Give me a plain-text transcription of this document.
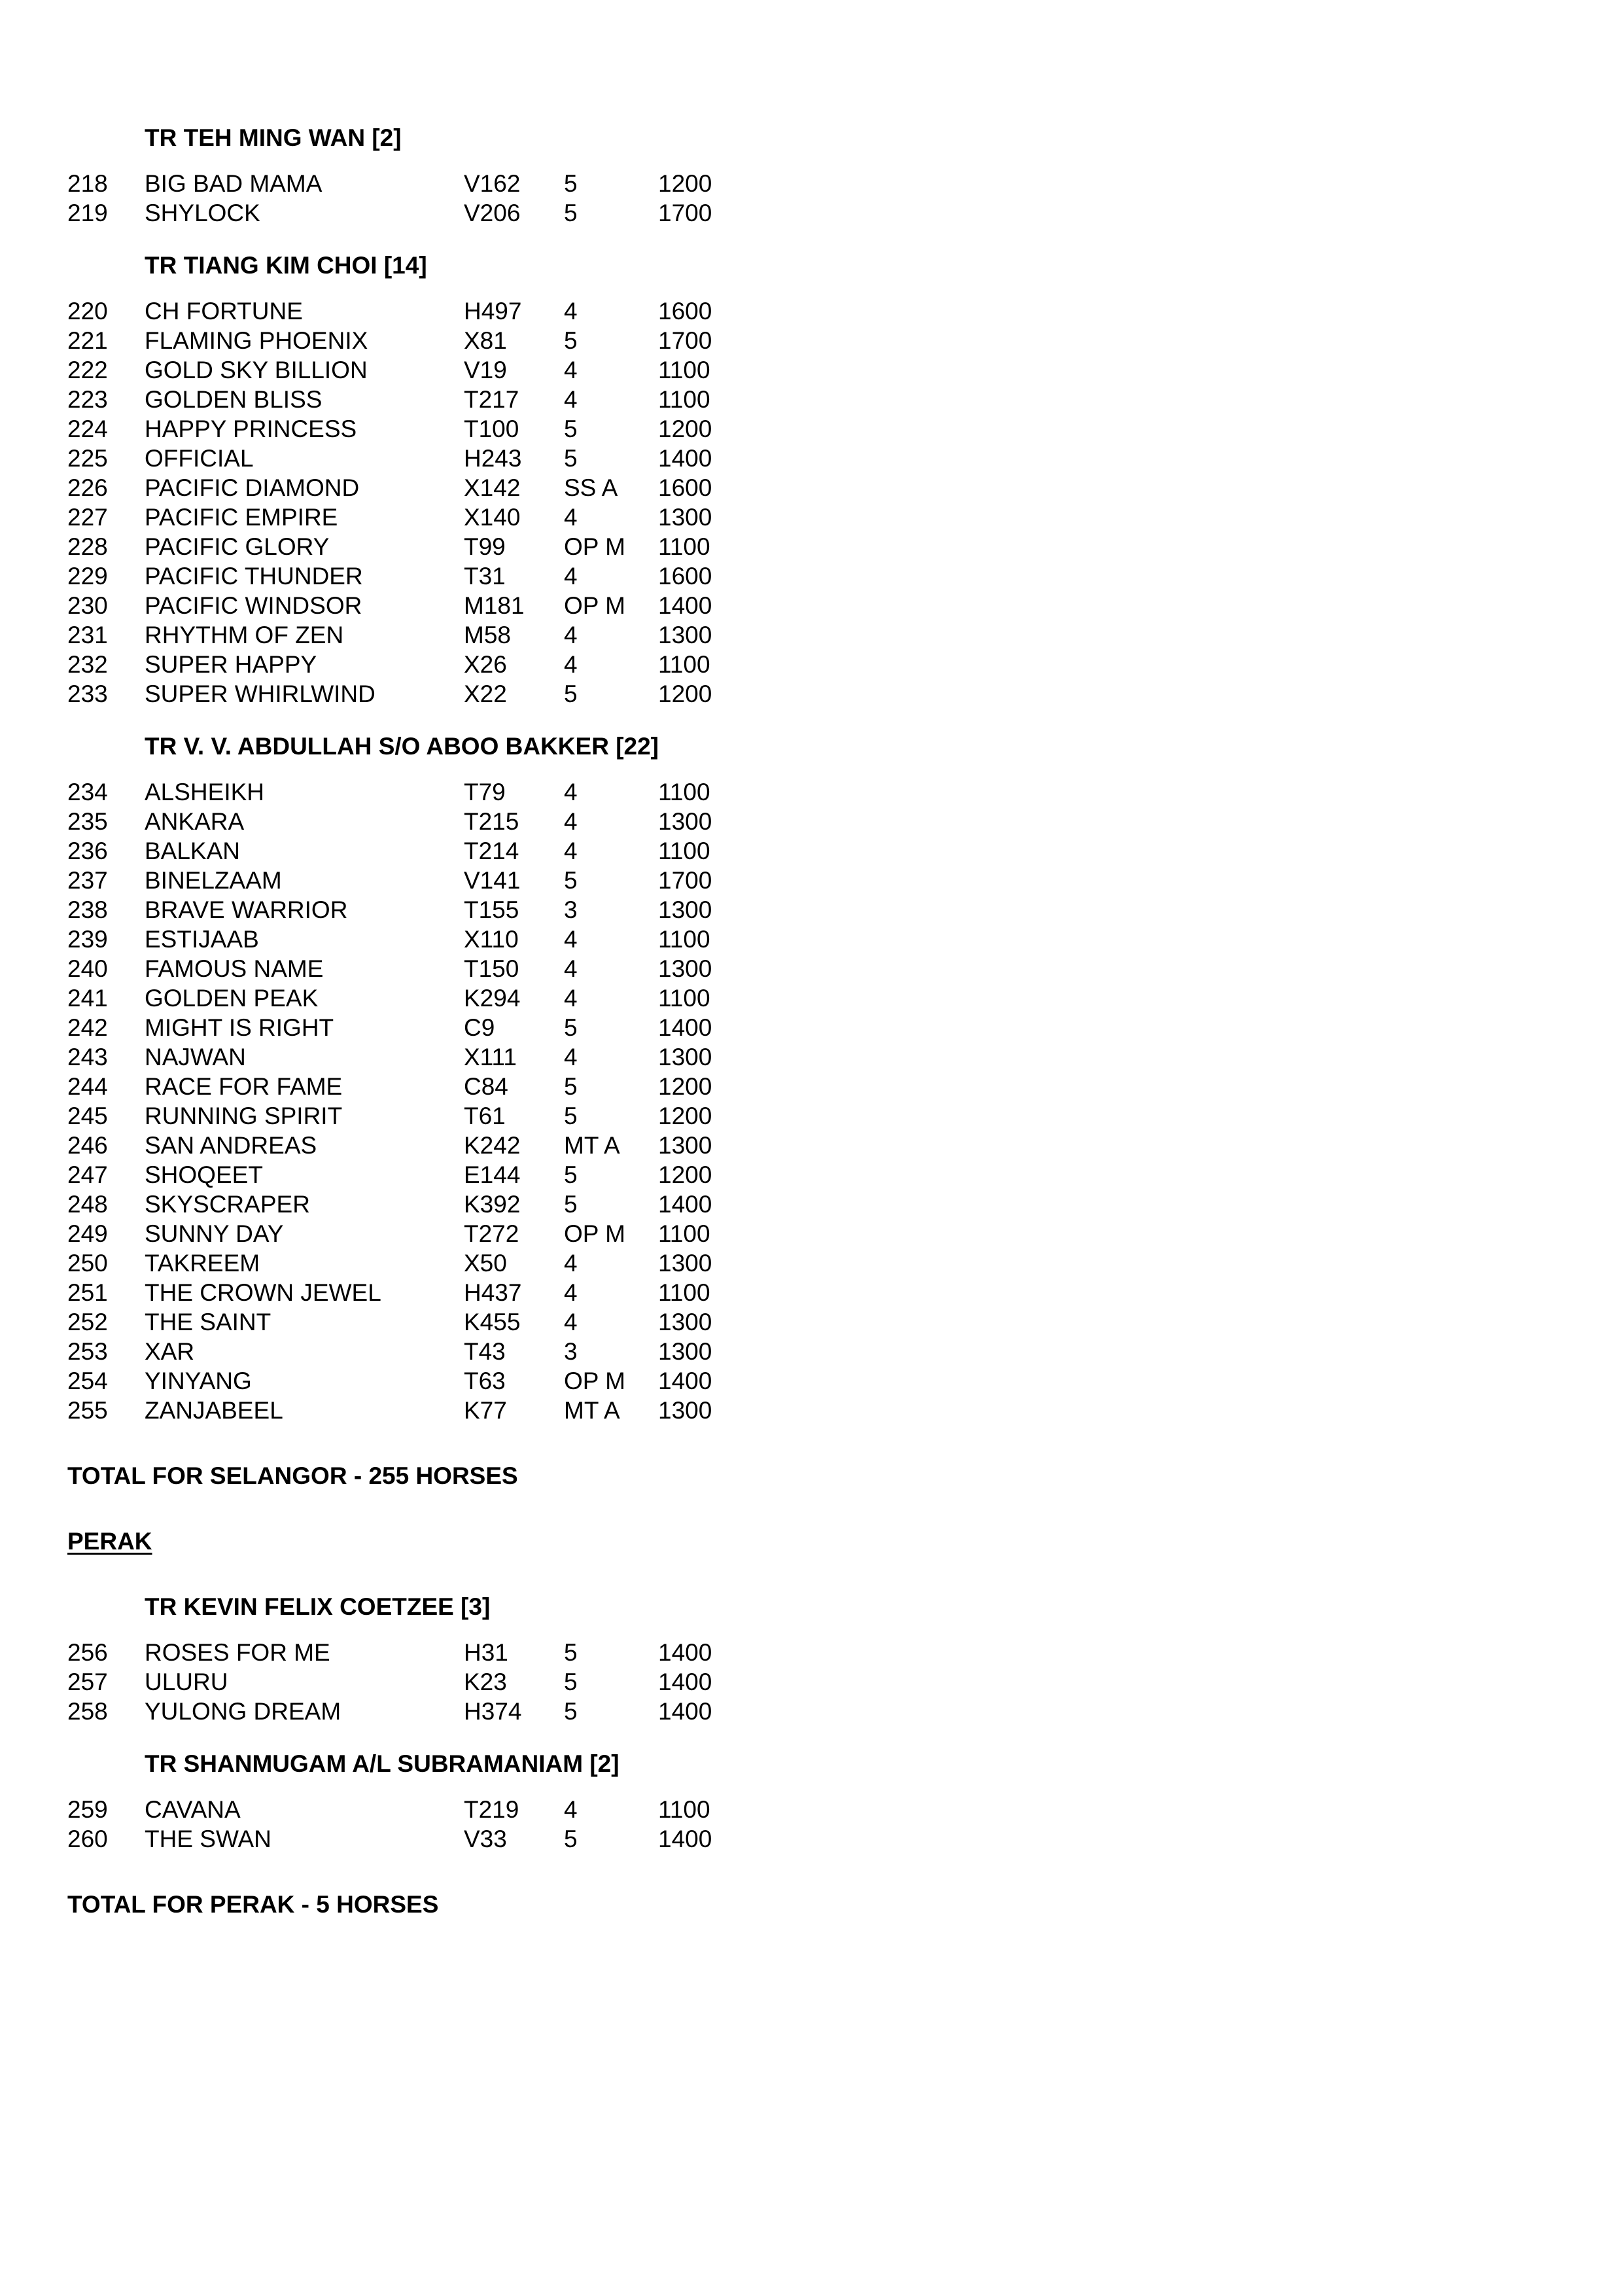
TR TEH MING WAN [2]
218 BIG BAD MAMA	V162 5	1200
219 SHYLOCK	V206 5	1700
TR TIANG KIM CHOI [14]
220 CH FORTUNE	H497 4	1600
221 FLAMING PHOENIX	X81 5	1700
222 GOLD SKY BILLION	V19 4	1100
223 GOLDEN BLISS	T217 4	1100
224 HAPPY PRINCESS	T100 5	1200
225 OFFICIAL	H243 5	1400
226 PACIFIC DIAMOND	X142 SS A 1600
227 PACIFIC EMPIRE	X140 4	1300
228 PACIFIC GLORY	T99 OP M 1100
229 PACIFIC THUNDER	T31 4	1600
230 PACIFIC WINDSOR	M181 OP M 1400
231 RHYTHM OF ZEN	M58 4	1300
232 SUPER HAPPY	X26 4	1100
233 SUPER WHIRLWIND	X22 5	1200
TR V. V. ABDULLAH S/O ABOO BAKKER [22]
234 ALSHEIKH	T79 4	1100
235 ANKARA	T215 4	1300
236 BALKAN	T214 4	1100
237 BINELZAAM	V141 5	1700
238 BRAVE WARRIOR	T155 3	1300
239 ESTIJAAB	X110 4	1100
240 FAMOUS NAME	T150 4	1300
241 GOLDEN PEAK	K294 4	1100
242 MIGHT IS RIGHT	C9	5	1400
243 NAJWAN	X111 4	1300
244 RACE FOR FAME	C84 5	1200
245 RUNNING SPIRIT	T61 5	1200
246 SAN ANDREAS	K242 MT A 1300
247 SHOQEET	E144 5	1200
248 SKYSCRAPER	K392 5	1400
249 SUNNY DAY	T272 OP M 1100
250 TAKREEM	X50 4	1300
251 THE CROWN JEWEL	H437 4	1100
252 THE SAINT	K455 4	1300
253 XAR	T43 3	1300
254 YINYANG	T63 OP M 1400
255 ZANJABEEL	K77 MT A 1300
TOTAL FOR SELANGOR - 255 HORSES
PERAK
TR KEVIN FELIX COETZEE [3]
256 ROSES FOR ME	H31 5	1400
257 ULURU	K23 5	1400
258 YULONG DREAM	H374 5	1400
TR SHANMUGAM A/L SUBRAMANIAM [2]
259 CAVANA	T219 4	1100
260 THE SWAN	V33 5	1400
TOTAL FOR PERAK - 5 HORSES
